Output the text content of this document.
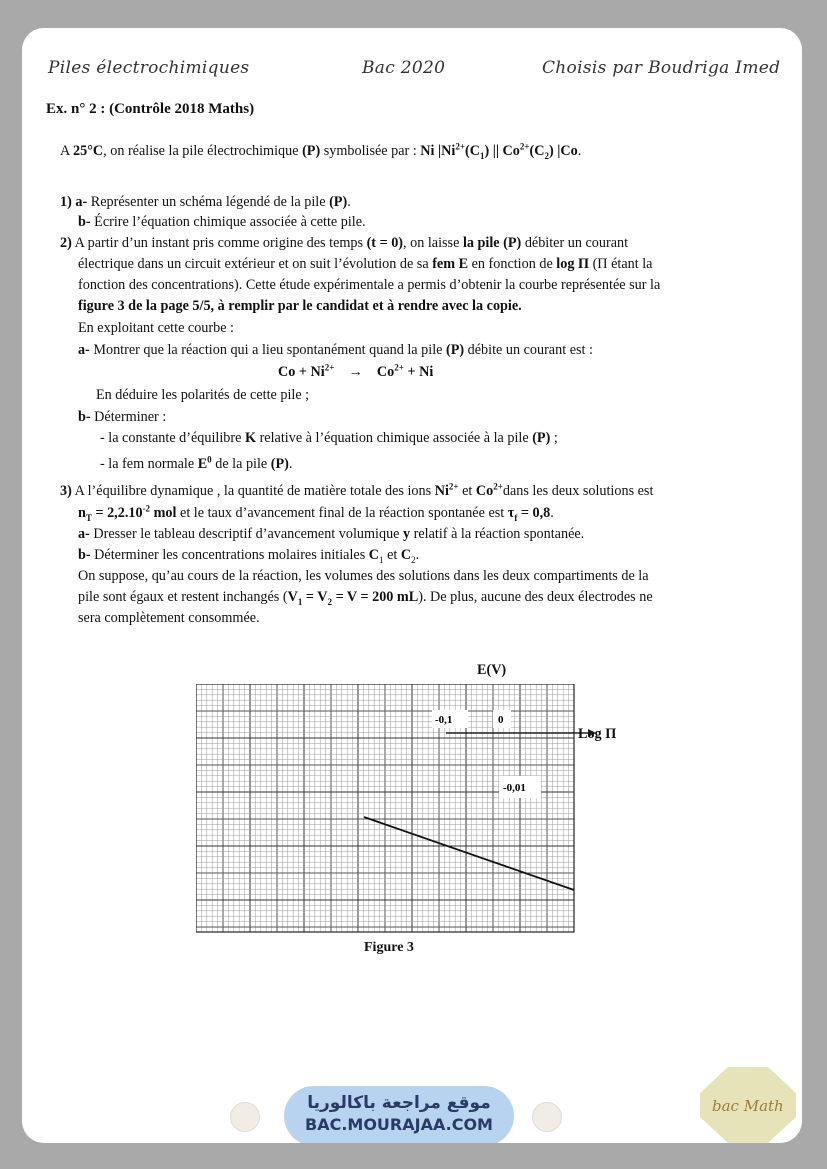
Piles électrochimiques	Bac 2020	Choisis par Boudriga Imed
Ex. n° 2 : (Contrôle 2018 Maths)
A 25°C, on réalise la pile électrochimique (P) symbolisée par : Ni $|Ni^{2+}(C_1)$ || $Co^{2+}(C_2)$ |Co.
1) a- Représenter un schéma légendé de la pile (P).
b- Écrire l’équation chimique associée à cette pile.
2) A partir d’un instant pris comme origine des temps (t = 0), on laisse la pile (P) débiter un courant
électrique dans un circuit extérieur et on suit l’évolution de sa fem E en fonction de log Π (Π étant la
fonction des concentrations). Cette étude expérimentale a permis d’obtenir la courbe représentée sur la
figure 3 de la page 5/5, à remplir par le candidat et à rendre avec la copie.
En exploitant cette courbe :
a- Montrer que la réaction qui a lieu spontanément quand la pile (P) débite un courant est :
$Co + Ni^{2+}$    →    $Co^{2+} + Ni$
En déduire les polarités de cette pile ;
b- Déterminer :
- la constante d’équilibre K relative à l’équation chimique associée à la pile (P) ;
- la fem normale $E^0$ de la pile (P).
3) A l’équilibre dynamique , la quantité de matière totale des ions $Ni^{2+}$ et $Co^{2+}dans$ les deux solutions est
$n_T = 2,2.10^{-2}$ mol et le taux d’avancement final de la réaction spontanée est $\tau_f = 0,8$.
a- Dresser le tableau descriptif d’avancement volumique y relatif à la réaction spontanée.
b- Déterminer les concentrations molaires initiales $C_1$ et $C_2$.
On suppose, qu’au cours de la réaction, les volumes des solutions dans les deux compartiments de la
pile sont égaux et restent inchangés ($V_1 = V_2 = V = 200$ mL). De plus, aucune des deux électrodes ne
sera complètement consommée.
-0,1	0
-0,01
E(V)
Log Π
Figure 3
موقع مراجعة باكالوريا
BAC.MOURAJAA.COM
bac Math
